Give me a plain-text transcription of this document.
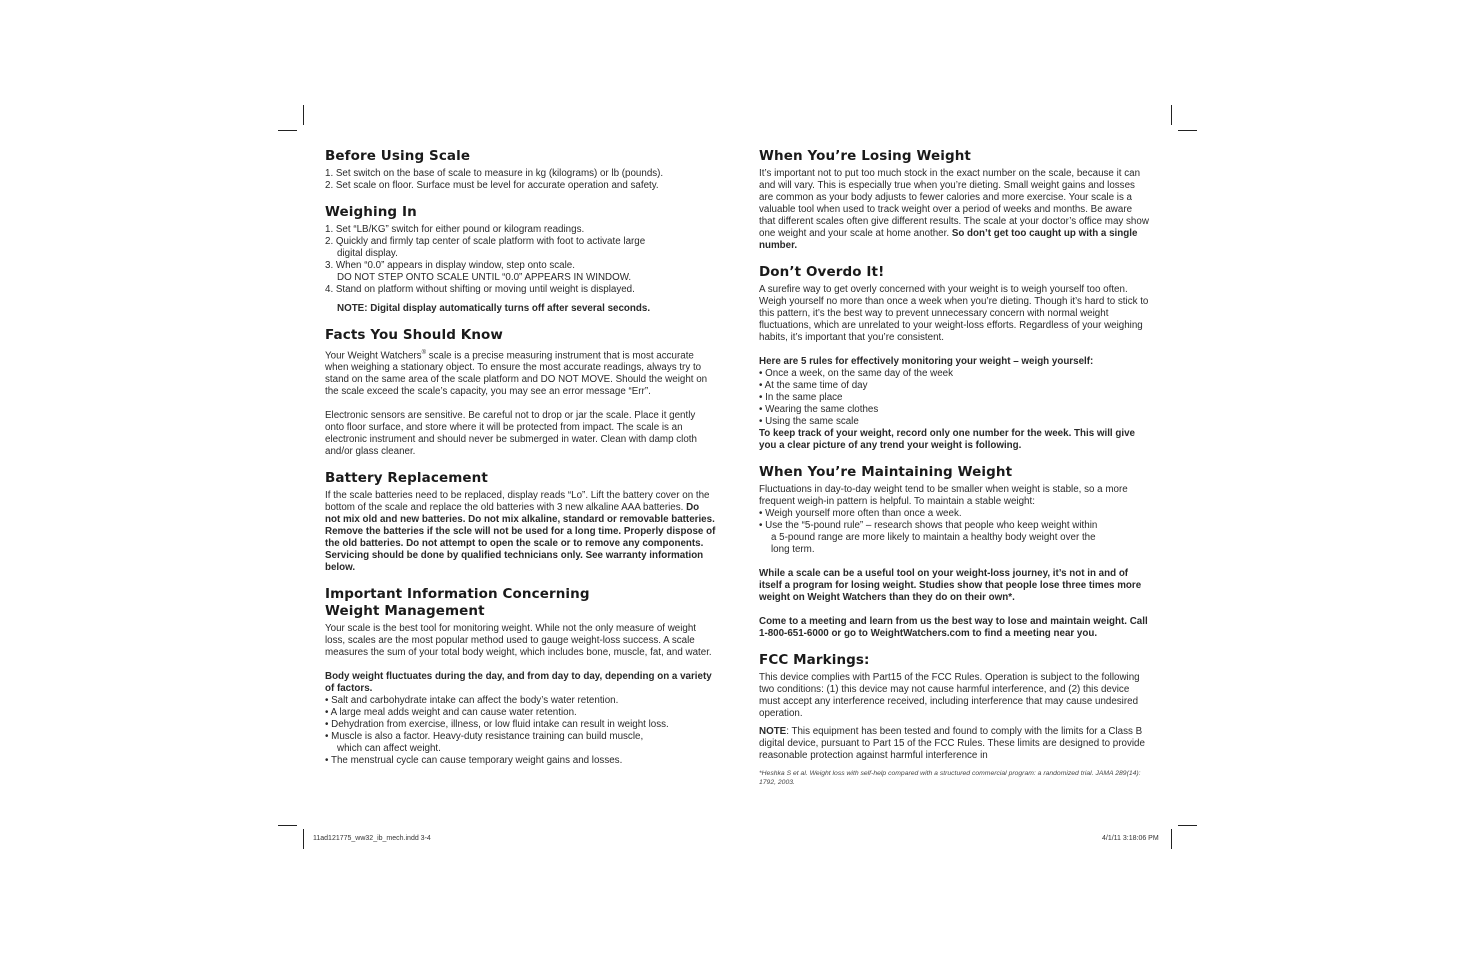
Before Using Scale
1. Set switch on the base of scale to measure in kg (kilograms) or lb (pounds).
2. Set scale on floor. Surface must be level for accurate operation and safety.
Weighing In
1. Set “LB/KG” switch for either pound or kilogram readings.
2. Quickly and firmly tap center of scale platform with foot to activate large
digital display.
3. When “0.0” appears in display window, step onto scale.
DO NOT STEP ONTO SCALE UNTIL “0.0” APPEARS IN WINDOW.
4. Stand on platform without shifting or moving until weight is displayed.
NOTE: Digital display automatically turns off after several seconds.
Facts You Should Know

Your Weight Watchers® scale is a precise measuring instrument that is most accurate when weighing a stationary object. To ensure the most accurate readings, always try to stand on the same area of the scale platform and DO NOT MOVE. Should the weight on the scale exceed the scale’s capacity, you may see an error message “Err”.

Electronic sensors are sensitive. Be careful not to drop or jar the scale. Place it gently onto floor surface, and store where it will be protected from impact. The scale is an electronic instrument and should never be submerged in water. Clean with damp cloth and/or glass cleaner.

Battery Replacement

If the scale batteries need to be replaced, display reads “Lo”. Lift the battery cover on the bottom of the scale and replace the old batteries with 3 new alkaline AAA batteries. Do not mix old and new batteries. Do not mix alkaline, standard or removable batteries. Remove the batteries if the scle will not be used for a long time. Properly dispose of the old batteries. Do not attempt to open the scale or to remove any components. Servicing should be done by qualified technicians only. See warranty information below.

Important Information Concerning
Weight Management

Your scale is the best tool for monitoring weight. While not the only measure of weight loss, scales are the most popular method used to gauge weight-loss success. A scale measures the sum of your total body weight, which includes bone, muscle, fat, and water.

Body weight fluctuates during the day, and from day to day, depending on a variety of factors.

• Salt and carbohydrate intake can affect the body’s water retention.
• A large meal adds weight and can cause water retention.
• Dehydration from exercise, illness, or low fluid intake can result in weight loss.
• Muscle is also a factor. Heavy-duty resistance training can build muscle,
which can affect weight.
• The menstrual cycle can cause temporary weight gains and losses.
When You’re Losing Weight

It’s important not to put too much stock in the exact number on the scale, because it can and will vary. This is especially true when you’re dieting. Small weight gains and losses are common as your body adjusts to fewer calories and more exercise. Your scale is a valuable tool when used to track weight over a period of weeks and months. Be aware that different scales often give different results. The scale at your doctor’s office may show one weight and your scale at home another. So don’t get too caught up with a single number.

Don’t Overdo It!

A surefire way to get overly concerned with your weight is to weigh yourself too often. Weigh yourself no more than once a week when you’re dieting. Though it’s hard to stick to this pattern, it’s the best way to prevent unnecessary concern with normal weight fluctuations, which are unrelated to your weight-loss efforts. Regardless of your weighing habits, it’s important that you’re consistent.

Here are 5 rules for effectively monitoring your weight – weigh yourself:

• Once a week, on the same day of the week
• At the same time of day
• In the same place
• Wearing the same clothes
• Using the same scale

To keep track of your weight, record only one number for the week. This will give you a clear picture of any trend your weight is following.

When You’re Maintaining Weight

Fluctuations in day-to-day weight tend to be smaller when weight is stable, so a more frequent weigh-in pattern is helpful. To maintain a stable weight:

• Weigh yourself more often than once a week.
• Use the “5-pound rule” – research shows that people who keep weight within
a 5-pound range are more likely to maintain a healthy body weight over the
long term.

While a scale can be a useful tool on your weight-loss journey, it’s not in and of itself a program for losing weight. Studies show that people lose three times more weight on Weight Watchers than they do on their own*.

Come to a meeting and learn from us the best way to lose and maintain weight. Call 1-800-651-6000 or go to WeightWatchers.com to find a meeting near you.

FCC Markings:

This device complies with Part15 of the FCC Rules. Operation is subject to the following two conditions: (1) this device may not cause harmful interference, and (2) this device must accept any interference received, including interference that may cause undesired operation.

NOTE: This equipment has been tested and found to comply with the limits for a Class B digital device, pursuant to Part 15 of the FCC Rules. These limits are designed to provide reasonable protection against harmful interference in

*Heshka S et al. Weight loss with self-help compared with a structured commercial program: a randomized trial. JAMA 289(14): 1792, 2003.
11ad121775_ww32_ib_mech.indd 3-4	4/1/11 3:18:06 PM
